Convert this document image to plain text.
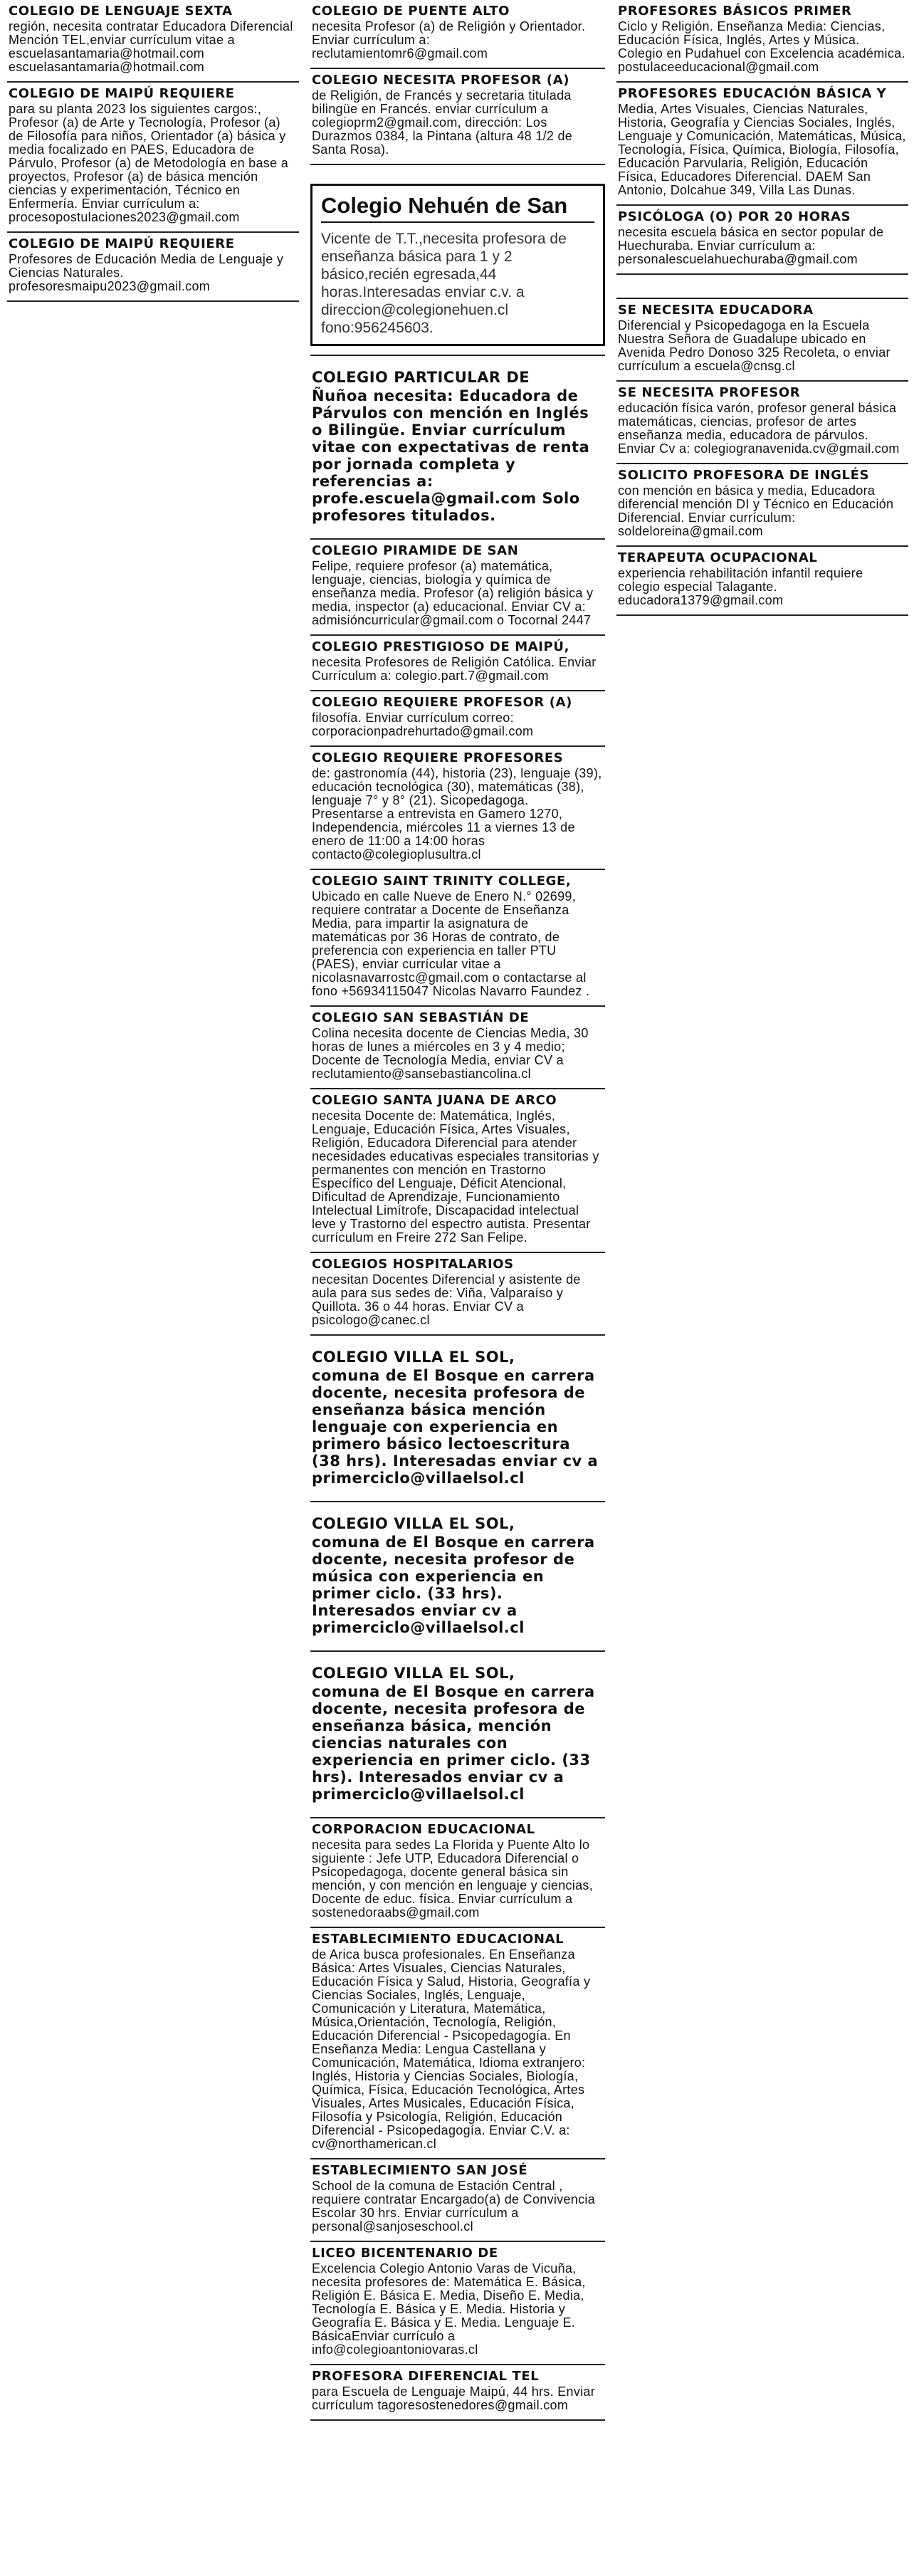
COLEGIO DE LENGUAJE SEXTA
región, necesita contratar Educadora Diferencial Mención TEL,enviar currículum vitae a escuelasantamaria@hotmail.com escuelasantamaria@hotmail.com
COLEGIO DE MAIPÚ REQUIERE
para su planta 2023 los siguientes cargos:, Profesor (a) de Arte y Tecnología, Profesor (a) de Filosofía para niños, Orientador (a) básica y media focalizado en PAES, Educadora de Párvulo, Profesor (a) de Metodología en base a proyectos, Profesor (a) de básica mención ciencias y experimentación, Técnico en Enfermería. Enviar currículum a: procesopostulaciones2023@gmail.com
COLEGIO DE MAIPÚ REQUIERE
Profesores de Educación Media de Lenguaje y Ciencias Naturales. profesoresmaipu2023@gmail.com
COLEGIO DE PUENTE ALTO
necesita Profesor (a) de Religión y Orientador. Enviar currículum a: reclutamientomr6@gmail.com
COLEGIO NECESITA PROFESOR (A)
de Religión, de Francés y secretaria titulada bilingüe en Francés. enviar currículum a colegioprm2@gmail.com, dirección: Los Durazmos 0384, la Pintana (altura 48 1/2 de Santa Rosa).
Colegio Nehuén de San
Vicente de T.T.,necesita profesora de enseñanza básica para 1 y 2 básico,recién egresada,44 horas.Interesadas enviar c.v. a direccion@colegionehuen.cl fono:956245603.
COLEGIO PARTICULAR DE
Ñuñoa necesita: Educadora de Párvulos con mención en Inglés o Bilingüe. Enviar currículum vitae con expectativas de renta por jornada completa y referencias a: profe.escuela@gmail.com Solo profesores titulados.
COLEGIO PIRAMIDE DE SAN
Felipe, requiere profesor (a) matemática, lenguaje, ciencias, biología y química de enseñanza media. Profesor (a) religión básica y media, inspector (a) educacional. Enviar CV a: admisióncurricular@gmail.com o Tocornal 2447
COLEGIO PRESTIGIOSO DE MAIPÚ,
necesita Profesores de Religión Católica. Enviar Currículum a: colegio.part.7@gmail.com
COLEGIO REQUIERE PROFESOR (A)
filosofía. Enviar currículum correo: corporacionpadrehurtado@gmail.com
COLEGIO REQUIERE PROFESORES
de: gastronomía (44), historia (23), lenguaje (39), educación tecnológica (30), matemáticas (38), lenguaje 7° y 8° (21). Sicopedagoga. Presentarse a entrevista en Gamero 1270, Independencia, miércoles 11 a viernes 13 de enero de 11:00 a 14:00 horas contacto@colegioplusultra.cl
COLEGIO SAINT TRINITY COLLEGE,
Ubicado en calle Nueve de Enero N.° 02699, requiere contratar a Docente de Enseñanza Media, para impartir la asignatura de matemáticas por 36 Horas de contrato, de preferencia con experiencia en taller PTU (PAES), enviar currícular vitae a nicolasnavarrostc@gmail.com o contactarse al fono +56934115047 Nicolas Navarro Faundez .
COLEGIO SAN SEBASTIÁN DE
Colina necesita docente de Ciencias Media, 30 horas de lunes a miércoles en 3 y 4 medio; Docente de Tecnología Media, enviar CV a reclutamiento@sansebastiancolina.cl
COLEGIO SANTA JUANA DE ARCO
necesita Docente de: Matemática, Inglés, Lenguaje, Educación Física, Artes Visuales, Religión, Educadora Diferencial para atender necesidades educativas especiales transitorias y permanentes con mención en Trastorno Específico del Lenguaje, Déficit Atencional, Dificultad de Aprendizaje, Funcionamiento Intelectual Limítrofe, Discapacidad intelectual leve y Trastorno del espectro autista. Presentar currículum en Freire 272 San Felipe.
COLEGIOS HOSPITALARIOS
necesitan Docentes Diferencial y asistente de aula para sus sedes de: Viña, Valparaíso y Quillota. 36 o 44 horas. Enviar CV a psicologo@canec.cl
COLEGIO VILLA EL SOL,
comuna de El Bosque en carrera docente, necesita profesora de enseñanza básica mención lenguaje con experiencia en primero básico lectoescritura (38 hrs). Interesadas enviar cv a primerciclo@villaelsol.cl
COLEGIO VILLA EL SOL,
comuna de El Bosque en carrera docente, necesita profesor de música con experiencia en primer ciclo. (33 hrs). Interesados enviar cv a primerciclo@villaelsol.cl
COLEGIO VILLA EL SOL,
comuna de El Bosque en carrera docente, necesita profesora de enseñanza básica, mención ciencias naturales con experiencia en primer ciclo. (33 hrs). Interesados enviar cv a primerciclo@villaelsol.cl
CORPORACION EDUCACIONAL
necesita para sedes La Florida y Puente Alto lo siguiente : Jefe UTP, Educadora Diferencial o Psicopedagoga, docente general básica sin mención, y con mención en lenguaje y ciencias, Docente de educ. física. Enviar currículum a sostenedoraabs@gmail.com
ESTABLECIMIENTO EDUCACIONAL
de Arica busca profesionales. En Enseñanza Básica: Artes Visuales, Ciencias Naturales, Educación Física y Salud, Historia, Geografía y Ciencias Sociales, Inglés, Lenguaje, Comunicación y Literatura, Matemática, Música,Orientación, Tecnología, Religión, Educación Diferencial - Psicopedagogía. En Enseñanza Media: Lengua Castellana y Comunicación, Matemática, Idioma extranjero: Inglés, Historia y Ciencias Sociales, Biología, Química, Física, Educación Tecnológica, Artes Visuales, Artes Musicales, Educación Física, Filosofía y Psicología, Religión, Educación Diferencial - Psicopedagogía. Enviar C.V. a: cv@northamerican.cl
ESTABLECIMIENTO SAN JOSÉ
School de la comuna de Estación Central , requiere contratar Encargado(a) de Convivencia Escolar 30 hrs. Enviar currículum a personal@sanjoseschool.cl
LICEO BICENTENARIO DE
Excelencia Colegio Antonio Varas de Vicuña, necesita profesores de: Matemática E. Básica, Religión E. Básica E. Media, Diseño E. Media, Tecnología E. Básica y E. Media. Historia y Geografía E. Básica y E. Media. Lenguaje E. BásicaEnviar currículo a info@colegioantoniovaras.cl
PROFESORA DIFERENCIAL TEL
para Escuela de Lenguaje Maipú, 44 hrs. Enviar currículum tagoresostenedores@gmail.com
PROFESORES BÁSICOS PRIMER
Ciclo y Religión. Enseñanza Media: Ciencias, Educación Física, Inglés, Artes y Música. Colegio en Pudahuel con Excelencia académica. postulaceeducacional@gmail.com
PROFESORES EDUCACIÓN BÁSICA Y
Media, Artes Visuales, Ciencias Naturales, Historia, Geografía y Ciencias Sociales, Inglés, Lenguaje y Comunicación, Matemáticas, Música, Tecnología, Física, Química, Biología, Filosofía, Educación Parvularia, Religión, Educación Física, Educadores Diferencial. DAEM San Antonio, Dolcahue 349, Villa Las Dunas.
PSICÓLOGA (O) POR 20 HORAS
necesita escuela básica en sector popular de Huechuraba. Enviar currículum a: personalescuelahuechuraba@gmail.com
SE NECESITA EDUCADORA
Diferencial y Psicopedagoga en la Escuela Nuestra Señora de Guadalupe ubicado en Avenida Pedro Donoso 325 Recoleta, o enviar currículum a escuela@cnsg.cl
SE NECESITA PROFESOR
educación física varón, profesor general básica matemáticas, ciencias, profesor de artes enseñanza media, educadora de párvulos. Enviar Cv a: colegiogranavenida.cv@gmail.com
SOLICITO PROFESORA DE INGLÉS
con mención en básica y media, Educadora diferencial mención DI y Técnico en Educación Diferencial. Enviar currículum: soldeloreina@gmail.com
TERAPEUTA OCUPACIONAL
experiencia rehabilitación infantil requiere colegio especial Talagante. educadora1379@gmail.com
